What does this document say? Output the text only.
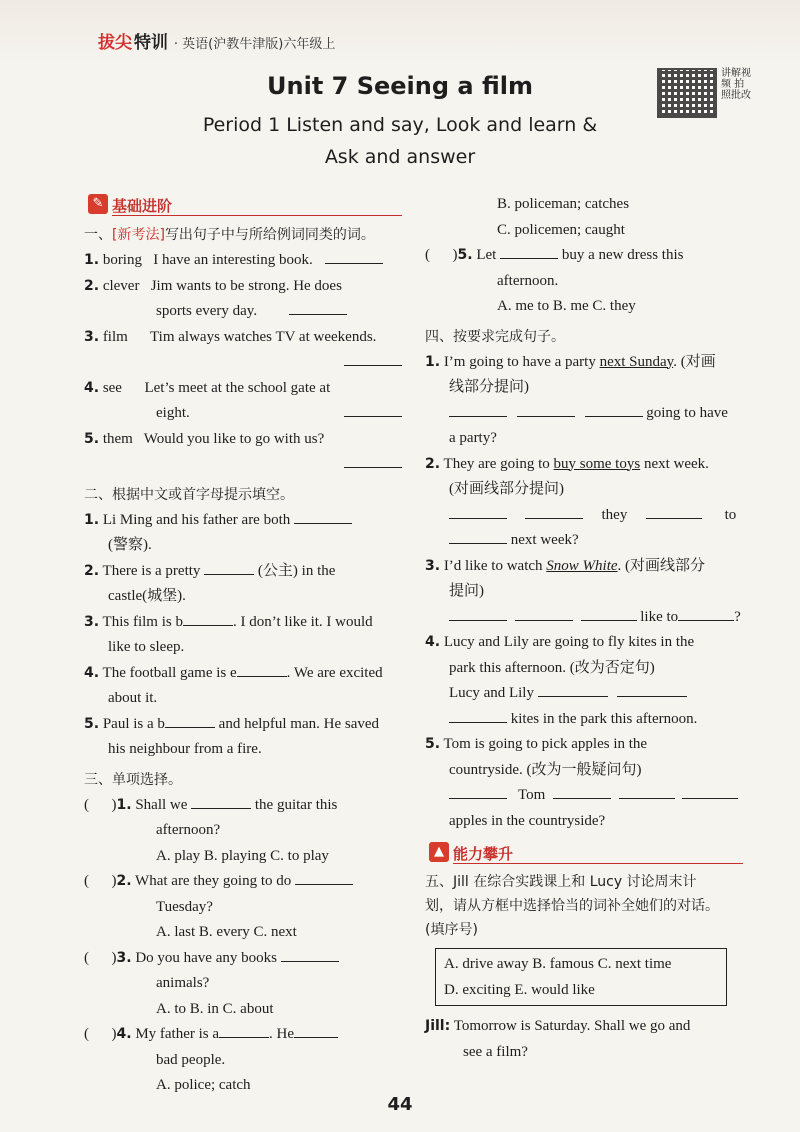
拔尖 特训 · 英语(沪教牛津版)六年级上
讲解视频 拍照批改
Unit 7 Seeing a film
Period 1 Listen and say, Look and learn &
Ask and answer
✎ 基础进阶
一、[新考法]写出句子中与所给例词同类的词。
1. boring I have an interesting book.
2. clever Jim wants to be strong. He does
sports every day.
3. film Tim always watches TV at weekends.
4. see Let’s meet at the school gate at
eight.
5. them Would you like to go with us?
二、根据中文或首字母提示填空。
1. Li Ming and his father are both
(警察).
2. There is a pretty	(公主) in the
castle(城堡).
3. This film is b	. I don’t like it. I would
like to sleep.
4. The football game is e	. We are excited
about it.
5. Paul is a b	and helpful man. He saved
his neighbour from a fire.
三、单项选择。
(      )1. Shall we	the guitar this
afternoon?
A. play B. playing C. to play
(      )2. What are they going to do
Tuesday?
A. last B. every C. next
(      )3. Do you have any books
animals?
A. to B. in C. about
(      )4. My father is a	. He
bad people.
A. police; catch
B. policeman; catches
C. policemen; caught
(      )5. Let	buy a new dress this
afternoon.
A. me to B. me C. they
四、按要求完成句子。
1. I’m going to have a party next Sunday. (对画
线部分提问)
going to have
a party?
2. They are going to buy some toys next week.
(对画线部分提问)
they	to
next week?
3. I’d like to watch Snow White. (对画线部分
提问)
like to	?
4. Lucy and Lily are going to fly kites in the
park this afternoon. (改为否定句)
Lucy and Lily
kites in the park this afternoon.
5. Tom is going to pick apples in the
countryside. (改为一般疑问句)
Tom
apples in the countryside?
▲ 能力攀升
五、Jill 在综合实践课上和 Lucy 讨论周末计
划，请从方框中选择恰当的词补全她们的对话。
(填序号)
A. drive away B. famous C. next time
D. exciting E. would like
Jill: Tomorrow is Saturday. Shall we go and
see a film?
44
